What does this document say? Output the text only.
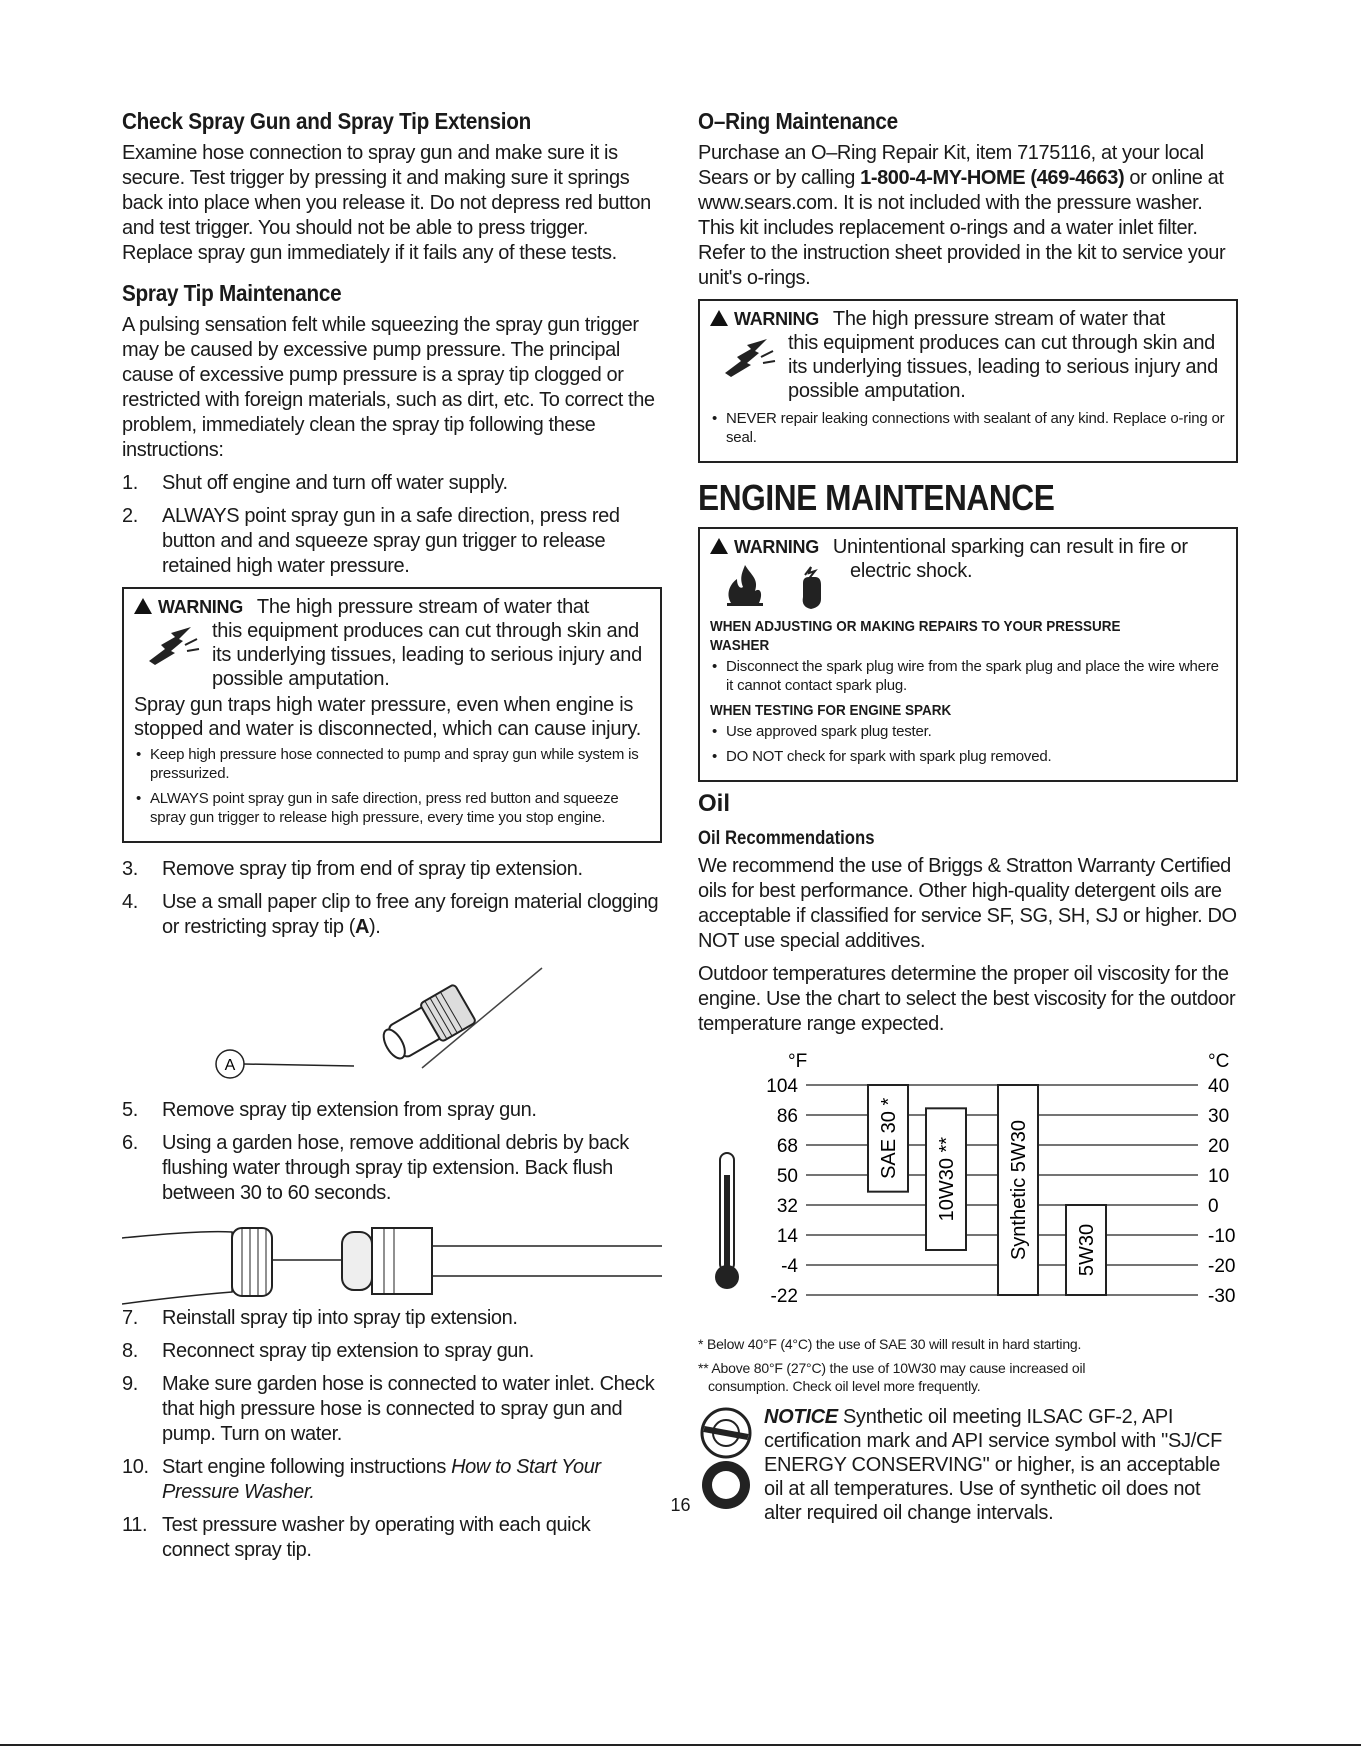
Check Spray Gun and Spray Tip Extension

Examine hose connection to spray gun and make sure it is secure. Test trigger by pressing it and making sure it springs back into place when you release it. Do not depress red button and test trigger. You should not be able to press trigger. Replace spray gun immediately if it fails any of these tests.

Spray Tip Maintenance

A pulsing sensation felt while squeezing the spray gun trigger may be caused by excessive pump pressure. The principal cause of excessive pump pressure is a spray tip clogged or restricted with foreign materials, such as dirt, etc. To correct the problem, immediately clean the spray tip following these instructions:

1.	Shut off engine and turn off water supply.
2.	ALWAYS point spray gun in a safe direction, press red button and and squeeze spray gun trigger to release retained high water pressure.
WARNING The high pressure stream of water that
this equipment produces can cut through skin and its underlying tissues, leading to serious injury and possible amputation.
Spray gun traps high water pressure, even when engine is stopped and water is disconnected, which can cause injury.
• Keep high pressure hose connected to pump and spray gun while system is pressurized.
• ALWAYS point spray gun in safe direction, press red button and squeeze spray gun trigger to release high pressure, every time you stop engine.
3.	Remove spray tip from end of spray tip extension.
4.	Use a small paper clip to free any foreign material clogging or restricting spray tip (A).
A
5.	Remove spray tip extension from spray gun.
6.	Using a garden hose, remove additional debris by back flushing water through spray tip extension. Back flush between 30 to 60 seconds.
7.	Reinstall spray tip into spray tip extension.
8.	Reconnect spray tip extension to spray gun.
9.	Make sure garden hose is connected to water inlet. Check that high pressure hose is connected to spray gun and pump. Turn on water.
10. Start engine following instructions How to Start Your Pressure Washer.
11. Test pressure washer by operating with each quick connect spray tip.
O–Ring Maintenance

Purchase an O–Ring Repair Kit, item 7175116, at your local Sears or by calling 1-800-4-MY-HOME (469-4663) or online at www.sears.com. It is not included with the pressure washer. This kit includes replacement o-rings and a water inlet filter. Refer to the instruction sheet provided in the kit to service your unit's o-rings.

WARNING The high pressure stream of water that
this equipment produces can cut through skin and its underlying tissues, leading to serious injury and possible amputation.
• NEVER repair leaking connections with sealant of any kind. Replace o-ring or seal.
ENGINE MAINTENANCE
WARNING Unintentional sparking can result in fire or
electric shock.
WHEN ADJUSTING OR MAKING REPAIRS TO YOUR PRESSURE WASHER
• Disconnect the spark plug wire from the spark plug and place the wire where it cannot contact spark plug.
WHEN TESTING FOR ENGINE SPARK
• Use approved spark plug tester.
• DO NOT check for spark with spark plug removed.
Oil
Oil Recommendations

We recommend the use of Briggs & Stratton Warranty Certified oils for best performance. Other high-quality detergent oils are acceptable if classified for service SF, SG, SH, SJ or higher. DO NOT use special additives.

Outdoor temperatures determine the proper oil viscosity for the engine. Use the chart to select the best viscosity for the outdoor temperature range expected.

°F	°C
104	40
86	30
68	20
50	10
32	0
14	-10
-4	-20
-22	-30
SAE 30 * 10W30 **	Synthetic 5W30 5W30
* Below 40°F (4°C) the use of SAE 30 will result in hard starting.
** Above 80°F (27°C) the use of 10W30 may cause increased oil
consumption. Check oil level more frequently.
NOTICE Synthetic oil meeting ILSAC GF-2, API certification mark and API service symbol with "SJ/CF ENERGY CONSERVING" or higher, is an acceptable oil at all temperatures. Use of synthetic oil does not alter required oil change intervals.
16
